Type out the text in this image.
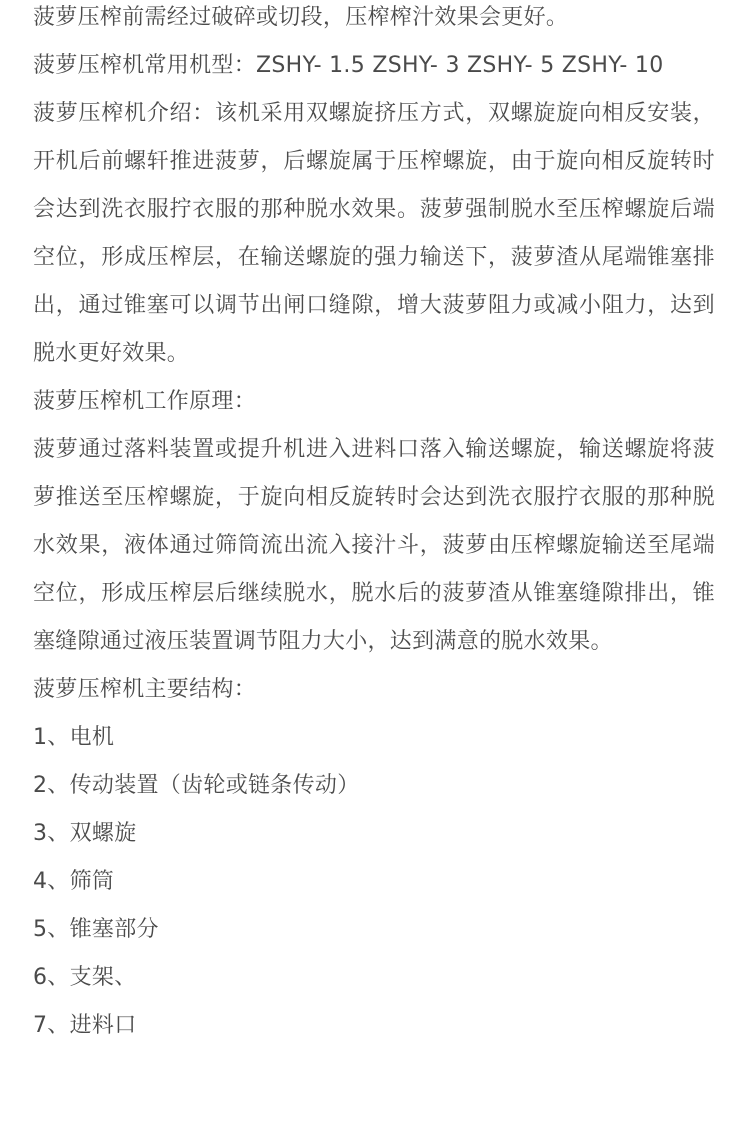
菠萝压榨前需经过破碎或切段，压榨榨汁效果会更好。

菠萝压榨机常用机型：ZSHY- 1.5 ZSHY- 3 ZSHY- 5 ZSHY- 10

菠萝压榨机介绍：该机采用双螺旋挤压方式，双螺旋旋向相反安装，开机后前螺轩推进菠萝，后螺旋属于压榨螺旋，由于旋向相反旋转时会达到洗衣服拧衣服的那种脱水效果。菠萝强制脱水至压榨螺旋后端空位，形成压榨层，在输送螺旋的强力输送下，菠萝渣从尾端锥塞排出，通过锥塞可以调节出闸口缝隙，增大菠萝阻力或减小阻力，达到脱水更好效果。

菠萝压榨机工作原理：

菠萝通过落料装置或提升机进入进料口落入输送螺旋，输送螺旋将菠萝推送至压榨螺旋，于旋向相反旋转时会达到洗衣服拧衣服的那种脱水效果，液体通过筛筒流出流入接汁斗，菠萝由压榨螺旋输送至尾端空位，形成压榨层后继续脱水，脱水后的菠萝渣从锥塞缝隙排出，锥塞缝隙通过液压装置调节阻力大小，达到满意的脱水效果。

菠萝压榨机主要结构：

1、电机
2、传动装置（齿轮或链条传动）
3、双螺旋
4、筛筒
5、锥塞部分
6、支架、
7、进料口
